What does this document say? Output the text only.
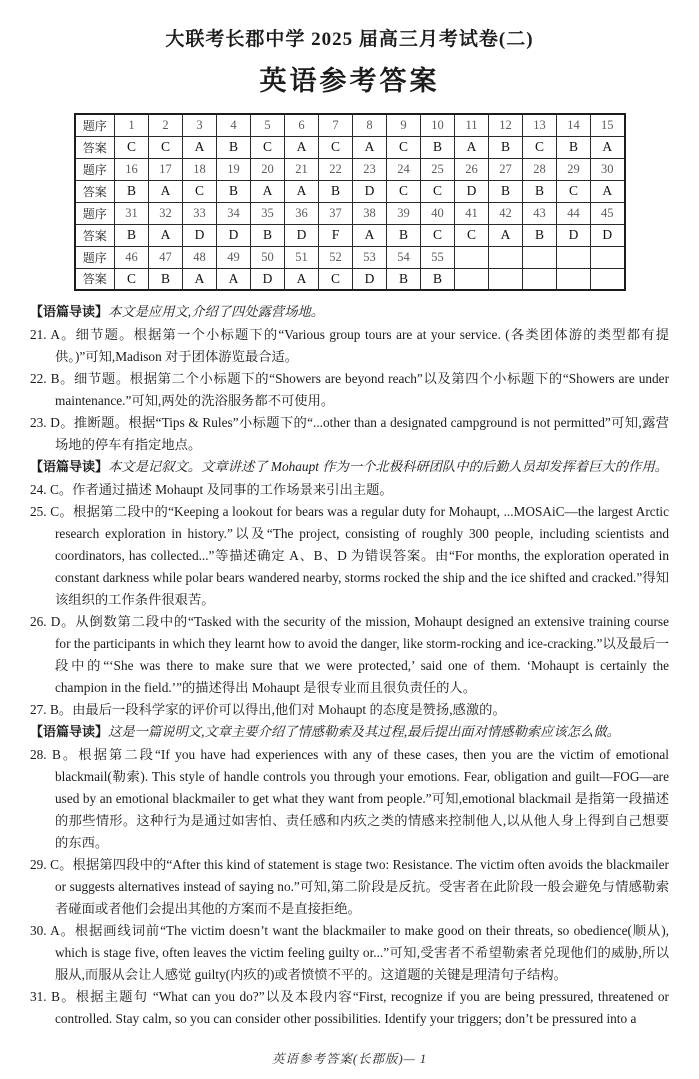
大联考长郡中学 2025 届高三月考试卷(二)
英语参考答案
题序	1	2	3	4	5	6	7	8	9	10	11	12	13	14	15
答案	C	C	A	B	C	A	C	A	C	B	A	B	C	B	A
题序	16	17	18	19	20	21	22	23	24	25	26	27	28	29	30
答案	B	A	C	B	A	A	B	D	C	C	D	B	B	C	A
题序	31	32	33	34	35	36	37	38	39	40	41	42	43	44	45
答案	B	A	D	D	B	D	F	A	B	C	C	A	B	D	D
题序	46	47	48	49	50	51	52	53	54	55					
答案	C	B	A	A	D	A	C	D	B	B					

【语篇导读】本文是应用文,介绍了四处露营场地。

21. A。细节题。根据第一个小标题下的“Various group tours are at your service. (各类团体游的类型都有提供。)”可知,Madison 对于团体游览最合适。

22. B。细节题。根据第二个小标题下的“Showers are beyond reach”以及第四个小标题下的“Showers are under maintenance.”可知,两处的洗浴服务都不可使用。

23. D。推断题。根据“Tips & Rules”小标题下的“...other than a designated campground is not permitted”可知,露营场地的停车有指定地点。

【语篇导读】本文是记叙文。文章讲述了 Mohaupt 作为一个北极科研团队中的后勤人员却发挥着巨大的作用。

24. C。作者通过描述 Mohaupt 及同事的工作场景来引出主题。

25. C。根据第二段中的“Keeping a lookout for bears was a regular duty for Mohaupt, ...MOSAiC—the largest Arctic research exploration in history.”以及“The project, consisting of roughly 300 people, including scientists and coordinators, has collected...”等描述确定 A、B、D 为错误答案。由“For months, the exploration operated in constant darkness while polar bears wandered nearby, storms rocked the ship and the ice shifted and cracked.”得知该组织的工作条件很艰苦。

26. D。从倒数第二段中的“Tasked with the security of the mission, Mohaupt designed an extensive training course for the participants in which they learnt how to avoid the danger, like storm-rocking and ice-cracking.”以及最后一段中的“‘She was there to make sure that we were protected,’ said one of them. ‘Mohaupt is certainly the champion in the field.’”的描述得出 Mohaupt 是很专业而且很负责任的人。

27. B。由最后一段科学家的评价可以得出,他们对 Mohaupt 的态度是赞扬,感激的。

【语篇导读】这是一篇说明文,文章主要介绍了情感勒索及其过程,最后提出面对情感勒索应该怎么做。

28. B。根据第二段“If you have had experiences with any of these cases, then you are the victim of emotional blackmail(勒索). This style of handle controls you through your emotions. Fear, obligation and guilt—FOG—are used by an emotional blackmailer to get what they want from people.”可知,emotional blackmail 是指第一段描述的那些情形。这种行为是通过如害怕、责任感和内疚之类的情感来控制他人,以从他人身上得到自己想要的东西。

29. C。根据第四段中的“After this kind of statement is stage two: Resistance. The victim often avoids the blackmailer or suggests alternatives instead of saying no.”可知,第二阶段是反抗。受害者在此阶段一般会避免与情感勒索者碰面或者他们会提出其他的方案而不是直接拒绝。

30. A。根据画线词前“The victim doesn’t want the blackmailer to make good on their threats, so obedience(顺从), which is stage five, often leaves the victim feeling guilty or...”可知,受害者不希望勒索者兑现他们的威胁,所以服从,而服从会让人感觉 guilty(内疚的)或者愤愤不平的。这道题的关键是理清句子结构。

31. B。根据主题句 “What can you do?”以及本段内容“First, recognize if you are being pressured, threatened or controlled. Stay calm, so you can consider other possibilities. Identify your triggers; don’t be pressured into a

英语参考答案(长郡版)— 1
